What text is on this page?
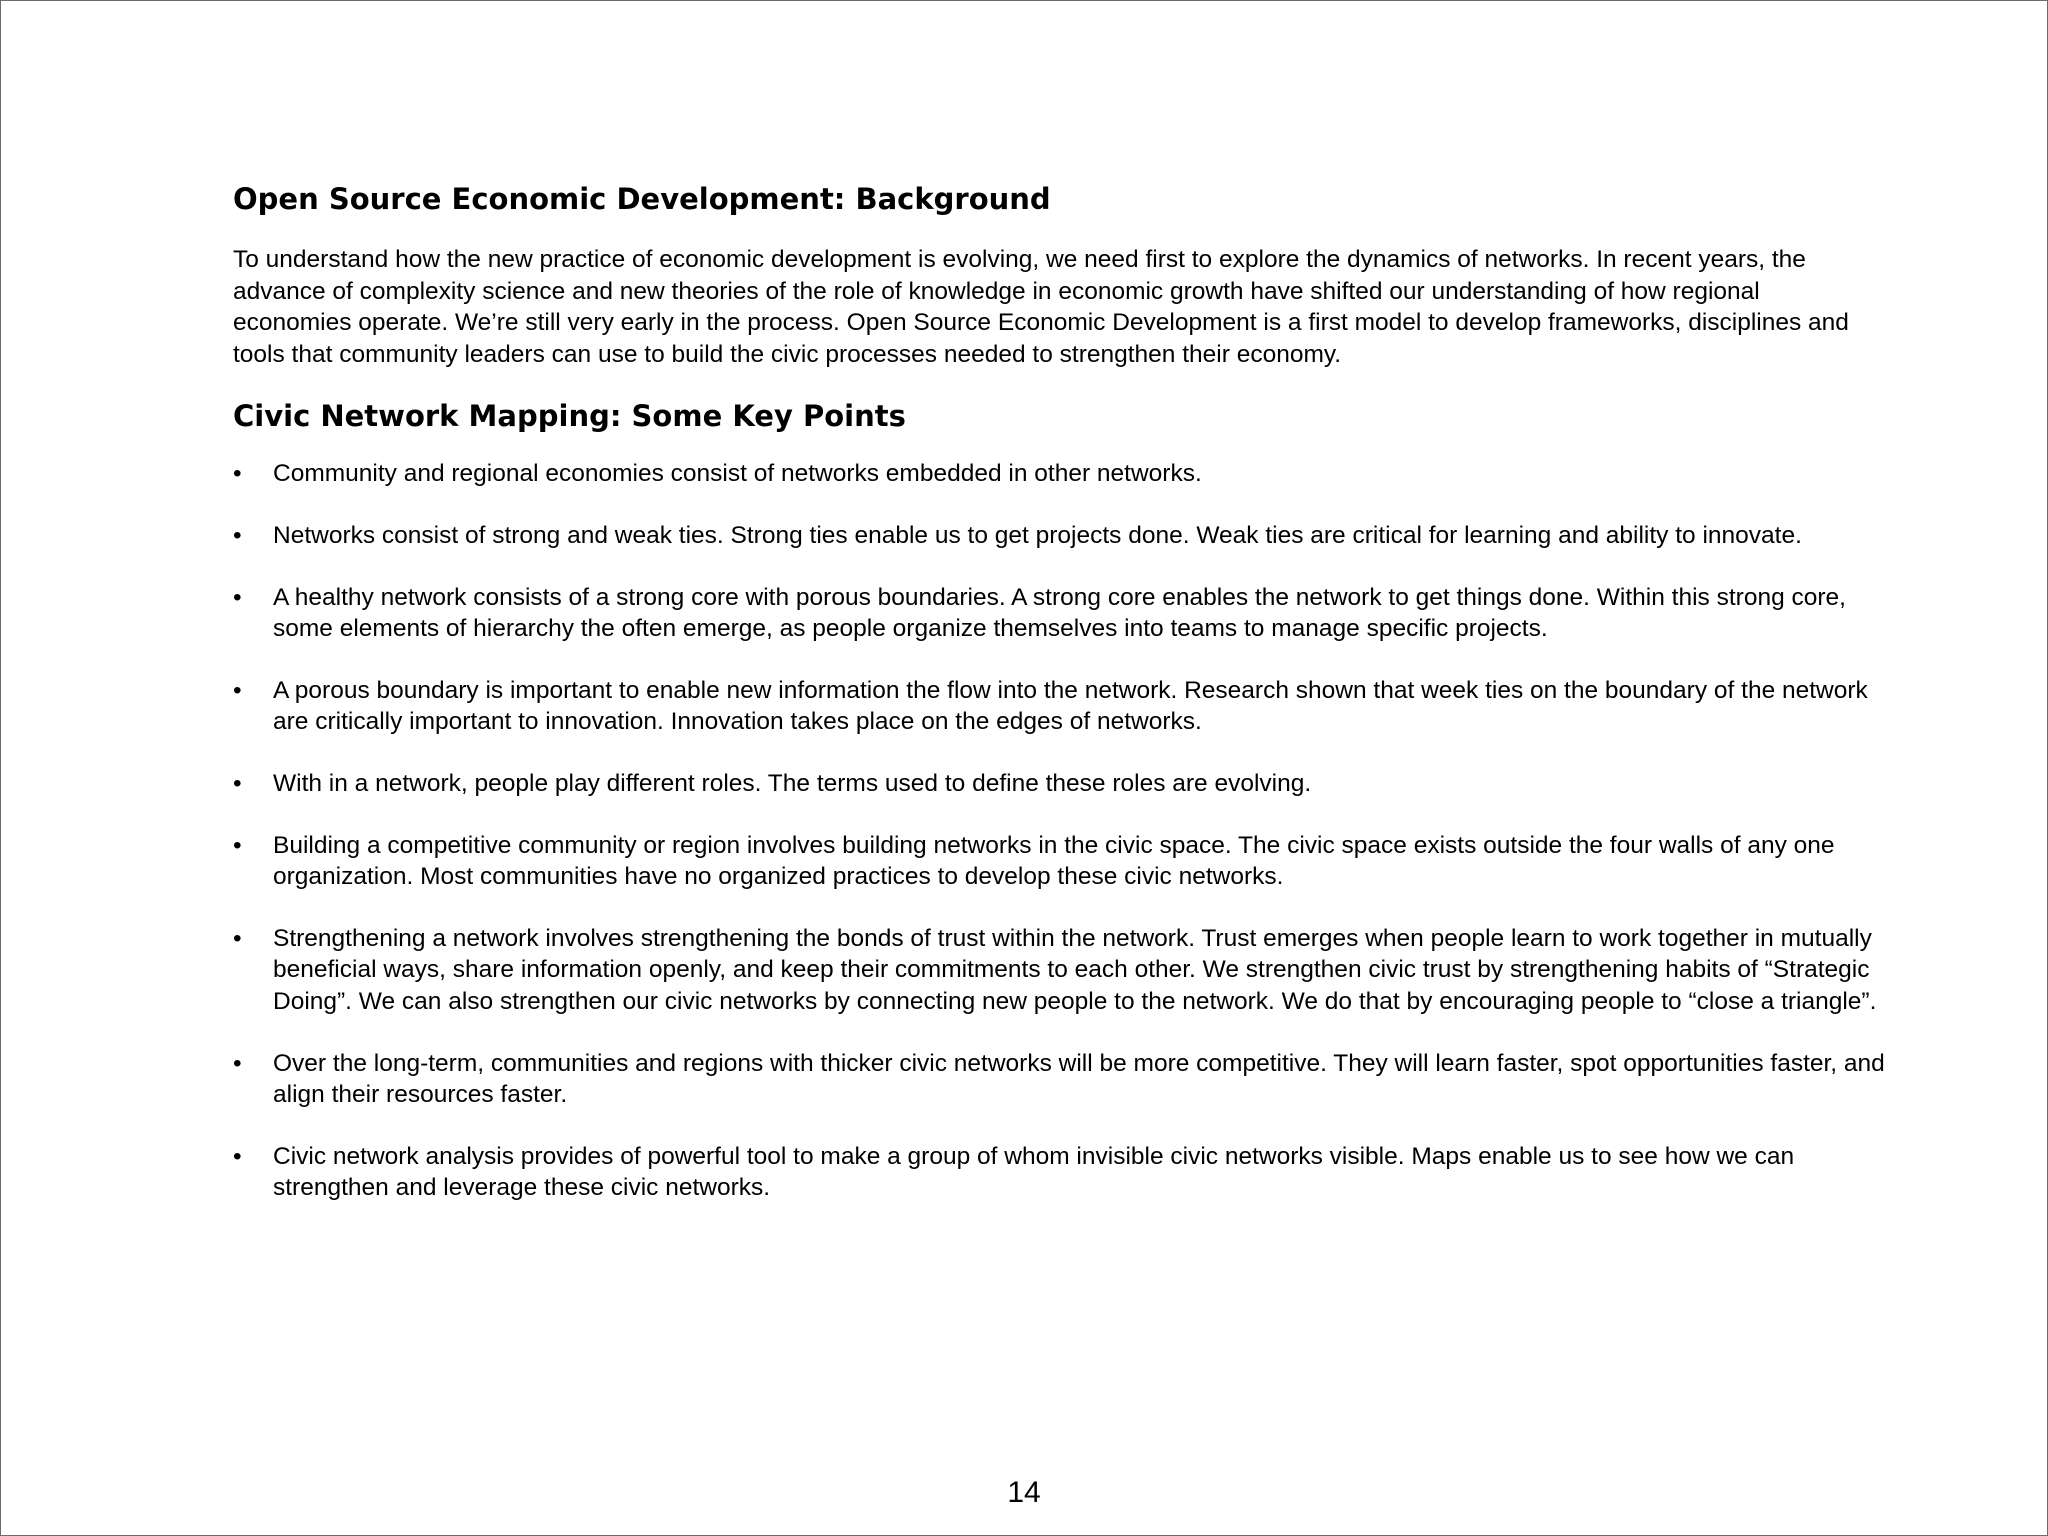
Open Source Economic Development: Background

To understand how the new practice of economic development is evolving, we need first to explore the dynamics of networks. In recent years, the advance of complexity science and new theories of the role of knowledge in economic growth have shifted our understanding of how regional economies operate. We’re still very early in the process. Open Source Economic Development is a first model to develop frameworks, disciplines and tools that community leaders can use to build the civic processes needed to strengthen their economy.

Civic Network Mapping: Some Key Points
•	Community and regional economies consist of networks embedded in other networks.
•	Networks consist of strong and weak ties. Strong ties enable us to get projects done. Weak ties are critical for learning and ability to innovate.
•	A healthy network consists of a strong core with porous boundaries. A strong core enables the network to get things done. Within this strong core, some elements of hierarchy the often emerge, as people organize themselves into teams to manage specific projects.
•	A porous boundary is important to enable new information the flow into the network. Research shown that week ties on the boundary of the network are critically important to innovation. Innovation takes place on the edges of networks.
•	With in a network, people play different roles. The terms used to define these roles are evolving.
•	Building a competitive community or region involves building networks in the civic space. The civic space exists outside the four walls of any one organization. Most communities have no organized practices to develop these civic networks.
•	Strengthening a network involves strengthening the bonds of trust within the network. Trust emerges when people learn to work together in mutually beneficial ways, share information openly, and keep their commitments to each other. We strengthen civic trust by strengthening habits of “Strategic Doing”. We can also strengthen our civic networks by connecting new people to the network. We do that by encouraging people to “close a triangle”.
•	Over the long-term, communities and regions with thicker civic networks will be more competitive. They will learn faster, spot opportunities faster, and align their resources faster.
•	Civic network analysis provides of powerful tool to make a group of whom invisible civic networks visible. Maps enable us to see how we can strengthen and leverage these civic networks.
14
